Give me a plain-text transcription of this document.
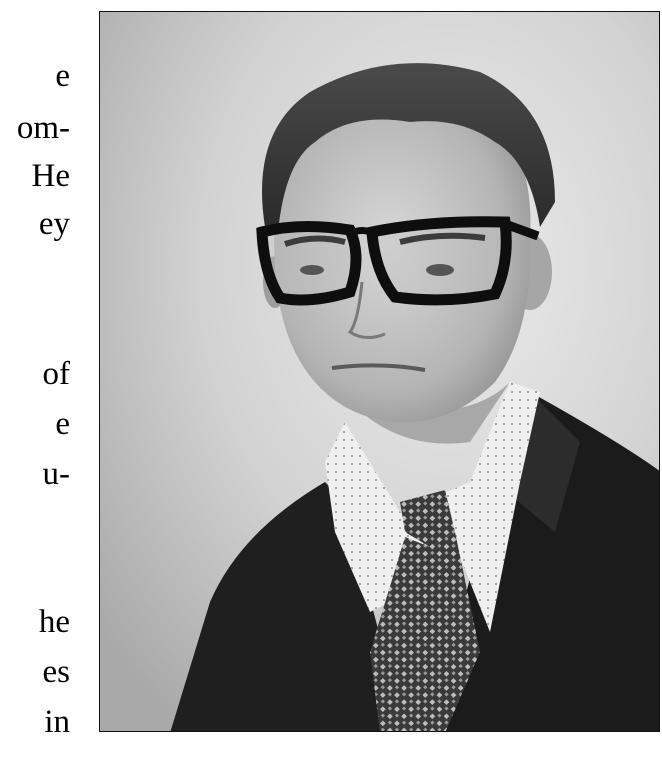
e
om-
He
ey
of
e
u-
he
es
in
